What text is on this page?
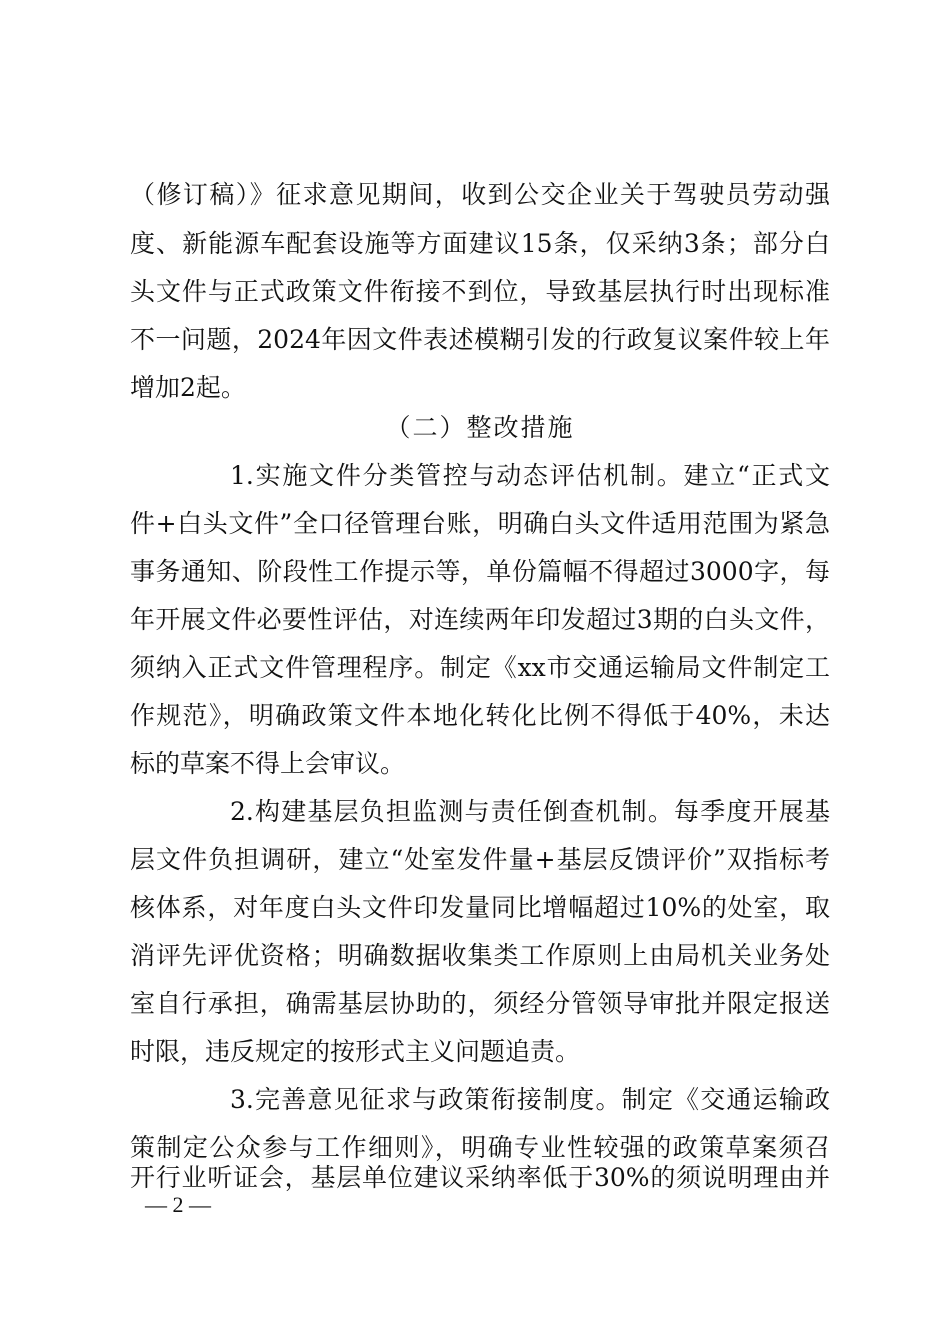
（修订稿）》征求意见期间，收到公交企业关于驾驶员劳动强
度、新能源车配套设施等方面建议15条，仅采纳3条；部分白
头文件与正式政策文件衔接不到位，导致基层执行时出现标准
不一问题，2024年因文件表述模糊引发的行政复议案件较上年
增加2起。
（二）整改措施
1.实施文件分类管控与动态评估机制。建立“正式文
件+白头文件”全口径管理台账，明确白头文件适用范围为紧急
事务通知、阶段性工作提示等，单份篇幅不得超过3000字，每
年开展文件必要性评估，对连续两年印发超过3期的白头文件，
须纳入正式文件管理程序。制定《xx市交通运输局文件制定工
作规范》，明确政策文件本地化转化比例不得低于40%，未达
标的草案不得上会审议。
2.构建基层负担监测与责任倒查机制。每季度开展基
层文件负担调研，建立“处室发件量+基层反馈评价”双指标考
核体系，对年度白头文件印发量同比增幅超过10%的处室，取
消评先评优资格；明确数据收集类工作原则上由局机关业务处
室自行承担，确需基层协助的，须经分管领导审批并限定报送
时限，违反规定的按形式主义问题追责。
3.完善意见征求与政策衔接制度。制定《交通运输政
策制定公众参与工作细则》，明确专业性较强的政策草案须召
开行业听证会，基层单位建议采纳率低于30%的须说明理由并
— 2 —
